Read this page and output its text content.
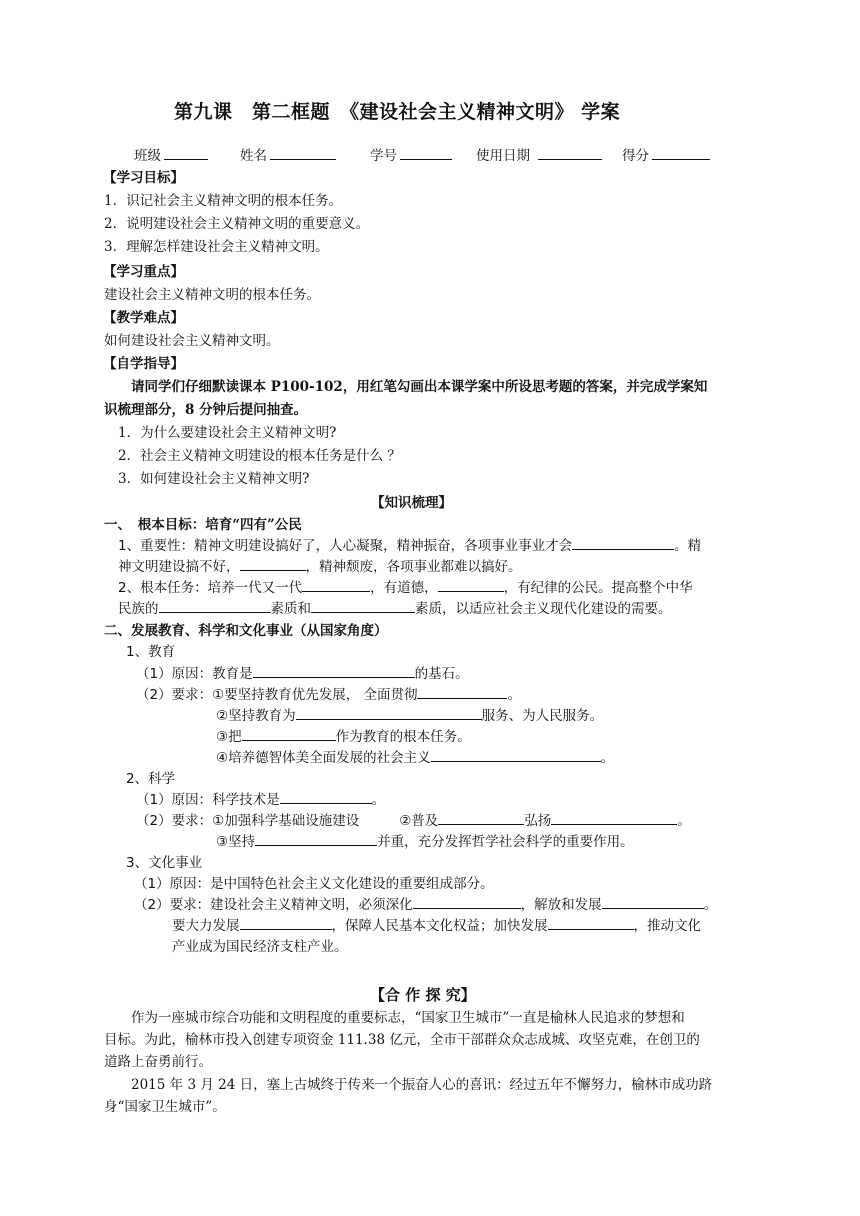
第九课　第二框题　《建设社会主义精神文明》 学案
班级	姓名	学号	使用日期	得分
【学习目标】
1．识记社会主义精神文明的根本任务。
2．说明建设社会主义精神文明的重要意义。
3．理解怎样建设社会主义精神文明。
【学习重点】
建设社会主义精神文明的根本任务。
【教学难点】
如何建设社会主义精神文明。
【自学指导】
请同学们仔细默读课本 P100-102，用红笔勾画出本课学案中所设思考题的答案，并完成学案知
识梳理部分，8 分钟后提问抽查。
1．为什么要建设社会主义精神文明?
2．社会主义精神文明建设的根本任务是什么 ？
3．如何建设社会主义精神文明?
【知识梳理】
一、　根本目标：培育“四有”公民
1、重要性：精神文明建设搞好了，人心凝聚，精神振奋，各项事业事业才会	。精
神文明建设搞不好，	，精神颓废，各项事业都难以搞好。
2、根本任务：培养一代又一代	，有道德，	，有纪律的公民。提高整个中华
民族的	素质和	素质，以适应社会主义现代化建设的需要。
二、发展教育、科学和文化事业（从国家角度）
1、教育
（1）原因：教育是	的基石。
（2）要求：①要坚持教育优先发展， 全面贯彻	。
②坚持教育为	服务、为人民服务。
③把	作为教育的根本任务。
④培养德智体美全面发展的社会主义	。
2、科学
（1）原因：科学技术是	。
（2）要求：①加强科学基础设施建设	②普及	弘扬	。
③坚持	并重，充分发挥哲学社会科学的重要作用。
3、文化事业
（1）原因：是中国特色社会主义文化建设的重要组成部分。
（2）要求：建设社会主义精神文明，必须深化	，解放和发展	。
要大力发展	，保障人民基本文化权益；加快发展	，推动文化
产业成为国民经济支柱产业。
【合 作 探 究】
作为一座城市综合功能和文明程度的重要标志，“国家卫生城市”一直是榆林人民追求的梦想和
目标。为此，榆林市投入创建专项资金 111.38 亿元，全市干部群众众志成城、攻坚克难，在创卫的
道路上奋勇前行。
2015 年 3 月 24 日，塞上古城终于传来一个振奋人心的喜讯：经过五年不懈努力，榆林市成功跻
身“国家卫生城市”。
